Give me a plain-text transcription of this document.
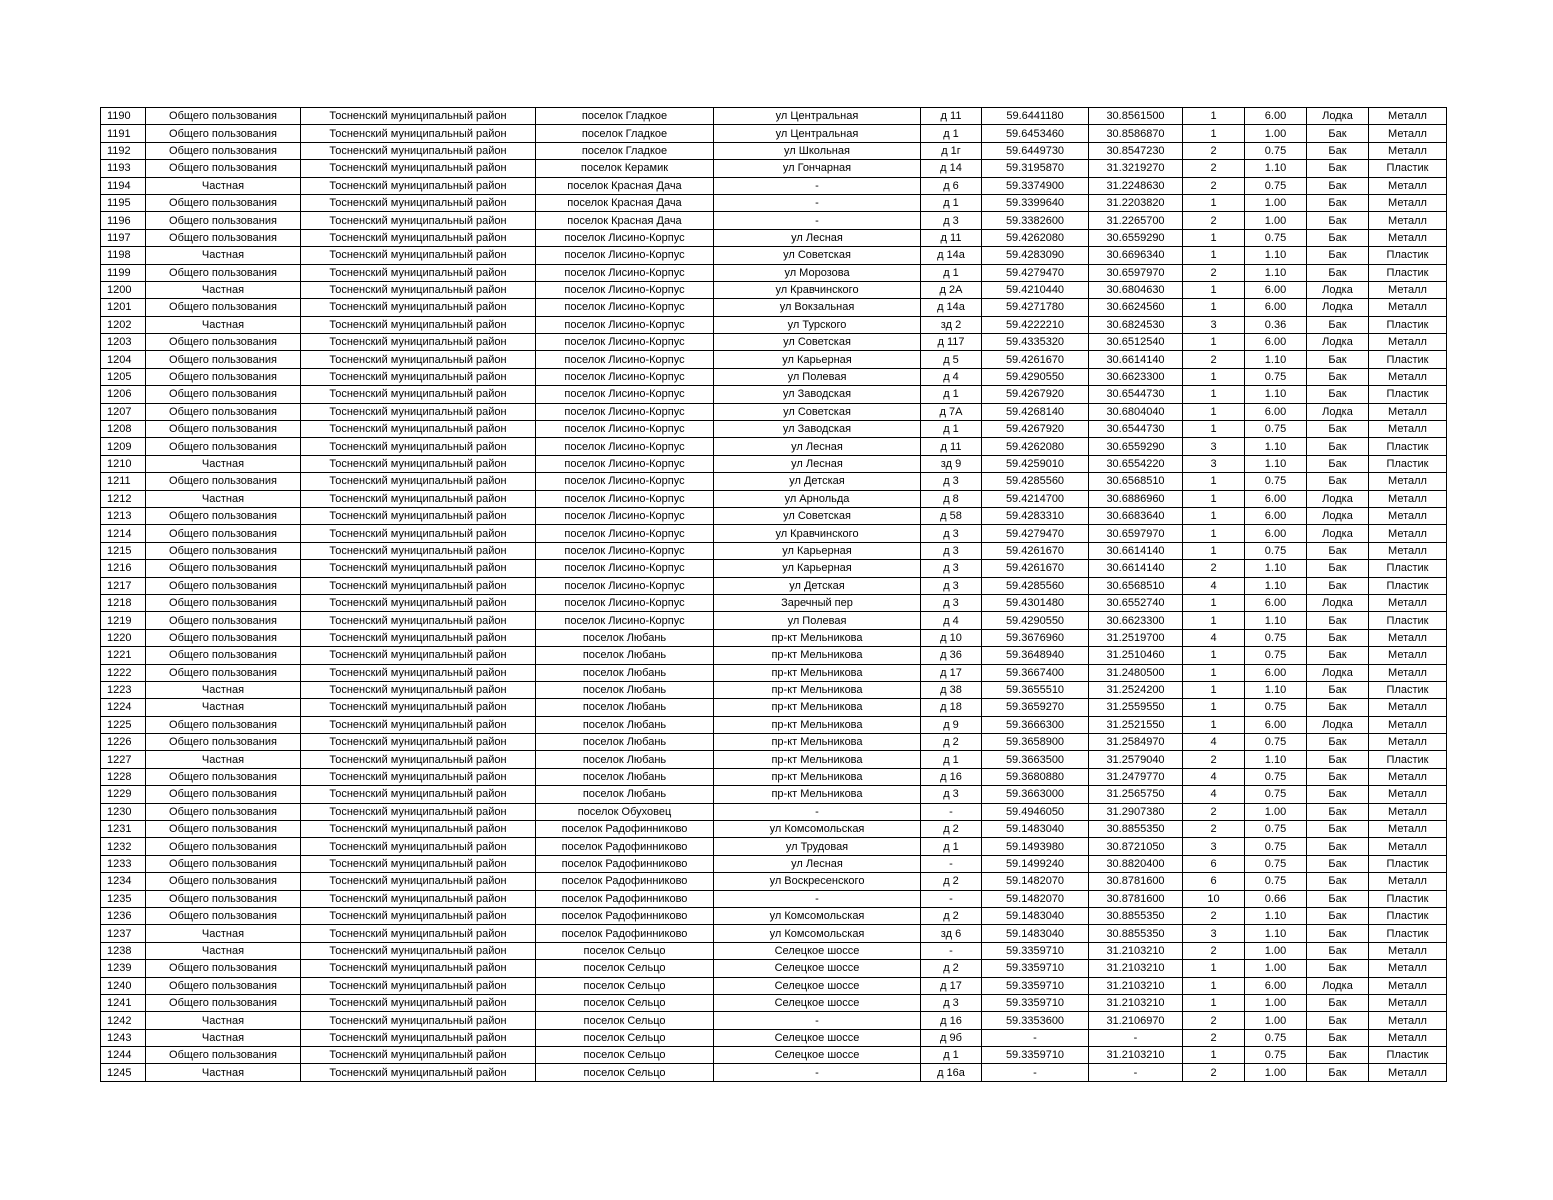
1190	Общего пользования	Тосненский муниципальный район	поселок Гладкое	ул Центральная	д 11	59.6441180	30.8561500	1	6.00	Лодка	Металл
1191	Общего пользования	Тосненский муниципальный район	поселок Гладкое	ул Центральная	д 1	59.6453460	30.8586870	1	1.00	Бак	Металл
1192	Общего пользования	Тосненский муниципальный район	поселок Гладкое	ул Школьная	д 1г	59.6449730	30.8547230	2	0.75	Бак	Металл
1193	Общего пользования	Тосненский муниципальный район	поселок Керамик	ул Гончарная	д 14	59.3195870	31.3219270	2	1.10	Бак	Пластик
1194	Частная	Тосненский муниципальный район	поселок Красная Дача	-	д 6	59.3374900	31.2248630	2	0.75	Бак	Металл
1195	Общего пользования	Тосненский муниципальный район	поселок Красная Дача	-	д 1	59.3399640	31.2203820	1	1.00	Бак	Металл
1196	Общего пользования	Тосненский муниципальный район	поселок Красная Дача	-	д 3	59.3382600	31.2265700	2	1.00	Бак	Металл
1197	Общего пользования	Тосненский муниципальный район	поселок Лисино-Корпус	ул Лесная	д 11	59.4262080	30.6559290	1	0.75	Бак	Металл
1198	Частная	Тосненский муниципальный район	поселок Лисино-Корпус	ул Советская	д 14а	59.4283090	30.6696340	1	1.10	Бак	Пластик
1199	Общего пользования	Тосненский муниципальный район	поселок Лисино-Корпус	ул Морозова	д 1	59.4279470	30.6597970	2	1.10	Бак	Пластик
1200	Частная	Тосненский муниципальный район	поселок Лисино-Корпус	ул Кравчинского	д 2А	59.4210440	30.6804630	1	6.00	Лодка	Металл
1201	Общего пользования	Тосненский муниципальный район	поселок Лисино-Корпус	ул Вокзальная	д 14а	59.4271780	30.6624560	1	6.00	Лодка	Металл
1202	Частная	Тосненский муниципальный район	поселок Лисино-Корпус	ул Турского	зд 2	59.4222210	30.6824530	3	0.36	Бак	Пластик
1203	Общего пользования	Тосненский муниципальный район	поселок Лисино-Корпус	ул Советская	д 117	59.4335320	30.6512540	1	6.00	Лодка	Металл
1204	Общего пользования	Тосненский муниципальный район	поселок Лисино-Корпус	ул Карьерная	д 5	59.4261670	30.6614140	2	1.10	Бак	Пластик
1205	Общего пользования	Тосненский муниципальный район	поселок Лисино-Корпус	ул Полевая	д 4	59.4290550	30.6623300	1	0.75	Бак	Металл
1206	Общего пользования	Тосненский муниципальный район	поселок Лисино-Корпус	ул Заводская	д 1	59.4267920	30.6544730	1	1.10	Бак	Пластик
1207	Общего пользования	Тосненский муниципальный район	поселок Лисино-Корпус	ул Советская	д 7А	59.4268140	30.6804040	1	6.00	Лодка	Металл
1208	Общего пользования	Тосненский муниципальный район	поселок Лисино-Корпус	ул Заводская	д 1	59.4267920	30.6544730	1	0.75	Бак	Металл
1209	Общего пользования	Тосненский муниципальный район	поселок Лисино-Корпус	ул Лесная	д 11	59.4262080	30.6559290	3	1.10	Бак	Пластик
1210	Частная	Тосненский муниципальный район	поселок Лисино-Корпус	ул Лесная	зд 9	59.4259010	30.6554220	3	1.10	Бак	Пластик
1211	Общего пользования	Тосненский муниципальный район	поселок Лисино-Корпус	ул Детская	д 3	59.4285560	30.6568510	1	0.75	Бак	Металл
1212	Частная	Тосненский муниципальный район	поселок Лисино-Корпус	ул Арнольда	д 8	59.4214700	30.6886960	1	6.00	Лодка	Металл
1213	Общего пользования	Тосненский муниципальный район	поселок Лисино-Корпус	ул Советская	д 58	59.4283310	30.6683640	1	6.00	Лодка	Металл
1214	Общего пользования	Тосненский муниципальный район	поселок Лисино-Корпус	ул Кравчинского	д 3	59.4279470	30.6597970	1	6.00	Лодка	Металл
1215	Общего пользования	Тосненский муниципальный район	поселок Лисино-Корпус	ул Карьерная	д 3	59.4261670	30.6614140	1	0.75	Бак	Металл
1216	Общего пользования	Тосненский муниципальный район	поселок Лисино-Корпус	ул Карьерная	д 3	59.4261670	30.6614140	2	1.10	Бак	Пластик
1217	Общего пользования	Тосненский муниципальный район	поселок Лисино-Корпус	ул Детская	д 3	59.4285560	30.6568510	4	1.10	Бак	Пластик
1218	Общего пользования	Тосненский муниципальный район	поселок Лисино-Корпус	Заречный пер	д 3	59.4301480	30.6552740	1	6.00	Лодка	Металл
1219	Общего пользования	Тосненский муниципальный район	поселок Лисино-Корпус	ул Полевая	д 4	59.4290550	30.6623300	1	1.10	Бак	Пластик
1220	Общего пользования	Тосненский муниципальный район	поселок Любань	пр-кт Мельникова	д 10	59.3676960	31.2519700	4	0.75	Бак	Металл
1221	Общего пользования	Тосненский муниципальный район	поселок Любань	пр-кт Мельникова	д 36	59.3648940	31.2510460	1	0.75	Бак	Металл
1222	Общего пользования	Тосненский муниципальный район	поселок Любань	пр-кт Мельникова	д 17	59.3667400	31.2480500	1	6.00	Лодка	Металл
1223	Частная	Тосненский муниципальный район	поселок Любань	пр-кт Мельникова	д 38	59.3655510	31.2524200	1	1.10	Бак	Пластик
1224	Частная	Тосненский муниципальный район	поселок Любань	пр-кт Мельникова	д 18	59.3659270	31.2559550	1	0.75	Бак	Металл
1225	Общего пользования	Тосненский муниципальный район	поселок Любань	пр-кт Мельникова	д 9	59.3666300	31.2521550	1	6.00	Лодка	Металл
1226	Общего пользования	Тосненский муниципальный район	поселок Любань	пр-кт Мельникова	д 2	59.3658900	31.2584970	4	0.75	Бак	Металл
1227	Частная	Тосненский муниципальный район	поселок Любань	пр-кт Мельникова	д 1	59.3663500	31.2579040	2	1.10	Бак	Пластик
1228	Общего пользования	Тосненский муниципальный район	поселок Любань	пр-кт Мельникова	д 16	59.3680880	31.2479770	4	0.75	Бак	Металл
1229	Общего пользования	Тосненский муниципальный район	поселок Любань	пр-кт Мельникова	д 3	59.3663000	31.2565750	4	0.75	Бак	Металл
1230	Общего пользования	Тосненский муниципальный район	поселок Обуховец	-	-	59.4946050	31.2907380	2	1.00	Бак	Металл
1231	Общего пользования	Тосненский муниципальный район	поселок Радофинниково	ул Комсомольская	д 2	59.1483040	30.8855350	2	0.75	Бак	Металл
1232	Общего пользования	Тосненский муниципальный район	поселок Радофинниково	ул Трудовая	д 1	59.1493980	30.8721050	3	0.75	Бак	Металл
1233	Общего пользования	Тосненский муниципальный район	поселок Радофинниково	ул Лесная	-	59.1499240	30.8820400	6	0.75	Бак	Пластик
1234	Общего пользования	Тосненский муниципальный район	поселок Радофинниково	ул Воскресенского	д 2	59.1482070	30.8781600	6	0.75	Бак	Металл
1235	Общего пользования	Тосненский муниципальный район	поселок Радофинниково	-	-	59.1482070	30.8781600	10	0.66	Бак	Пластик
1236	Общего пользования	Тосненский муниципальный район	поселок Радофинниково	ул Комсомольская	д 2	59.1483040	30.8855350	2	1.10	Бак	Пластик
1237	Частная	Тосненский муниципальный район	поселок Радофинниково	ул Комсомольская	зд 6	59.1483040	30.8855350	3	1.10	Бак	Пластик
1238	Частная	Тосненский муниципальный район	поселок Сельцо	Селецкое шоссе	-	59.3359710	31.2103210	2	1.00	Бак	Металл
1239	Общего пользования	Тосненский муниципальный район	поселок Сельцо	Селецкое шоссе	д 2	59.3359710	31.2103210	1	1.00	Бак	Металл
1240	Общего пользования	Тосненский муниципальный район	поселок Сельцо	Селецкое шоссе	д 17	59.3359710	31.2103210	1	6.00	Лодка	Металл
1241	Общего пользования	Тосненский муниципальный район	поселок Сельцо	Селецкое шоссе	д 3	59.3359710	31.2103210	1	1.00	Бак	Металл
1242	Частная	Тосненский муниципальный район	поселок Сельцо	-	д 16	59.3353600	31.2106970	2	1.00	Бак	Металл
1243	Частная	Тосненский муниципальный район	поселок Сельцо	Селецкое шоссе	д 9б	-	-	2	0.75	Бак	Металл
1244	Общего пользования	Тосненский муниципальный район	поселок Сельцо	Селецкое шоссе	д 1	59.3359710	31.2103210	1	0.75	Бак	Пластик
1245	Частная	Тосненский муниципальный район	поселок Сельцо	-	д 16а	-	-	2	1.00	Бак	Металл
